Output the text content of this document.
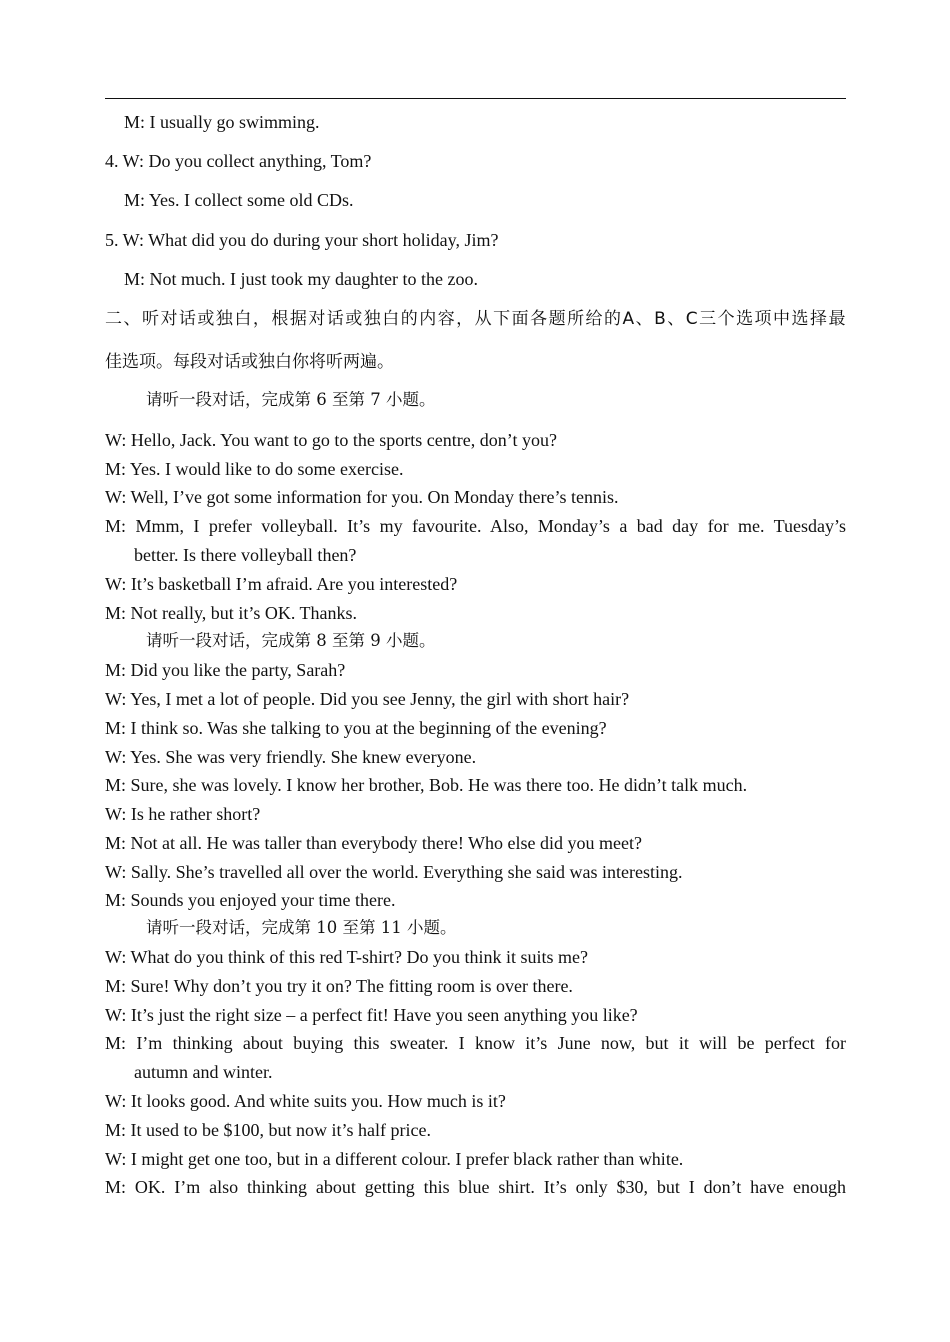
M: I usually go swimming.
4. W: Do you collect anything, Tom?
M: Yes. I collect some old CDs.
5. W: What did you do during your short holiday, Jim?
M: Not much. I just took my daughter to the zoo.
二、听对话或独白，根据对话或独白的内容，从下面各题所给的A、B、C三个选项中选择最
佳选项。每段对话或独白你将听两遍。
请听一段对话，完成第 6 至第 7 小题。
W: Hello, Jack. You want to go to the sports centre, don’t you?
M: Yes. I would like to do some exercise.
W: Well, I’ve got some information for you. On Monday there’s tennis.
M: Mmm, I prefer volleyball. It’s my favourite. Also, Monday’s a bad day for me. Tuesday’s
better. Is there volleyball then?
W: It’s basketball I’m afraid. Are you interested?
M: Not really, but it’s OK. Thanks.
请听一段对话，完成第 8 至第 9 小题。
M: Did you like the party, Sarah?
W: Yes, I met a lot of people. Did you see Jenny, the girl with short hair?
M: I think so. Was she talking to you at the beginning of the evening?
W: Yes. She was very friendly. She knew everyone.
M: Sure, she was lovely. I know her brother, Bob. He was there too. He didn’t talk much.
W: Is he rather short?
M: Not at all. He was taller than everybody there! Who else did you meet?
W: Sally. She’s travelled all over the world. Everything she said was interesting.
M: Sounds you enjoyed your time there.
请听一段对话，完成第 10 至第 11 小题。
W: What do you think of this red T-shirt? Do you think it suits me?
M: Sure! Why don’t you try it on? The fitting room is over there.
W: It’s just the right size – a perfect fit! Have you seen anything you like?
M: I’m thinking about buying this sweater. I know it’s June now, but it will be perfect for
autumn and winter.
W: It looks good. And white suits you. How much is it?
M: It used to be $100, but now it’s half price.
W: I might get one too, but in a different colour. I prefer black rather than white.
M: OK. I’m also thinking about getting this blue shirt. It’s only $30, but I don’t have enough
